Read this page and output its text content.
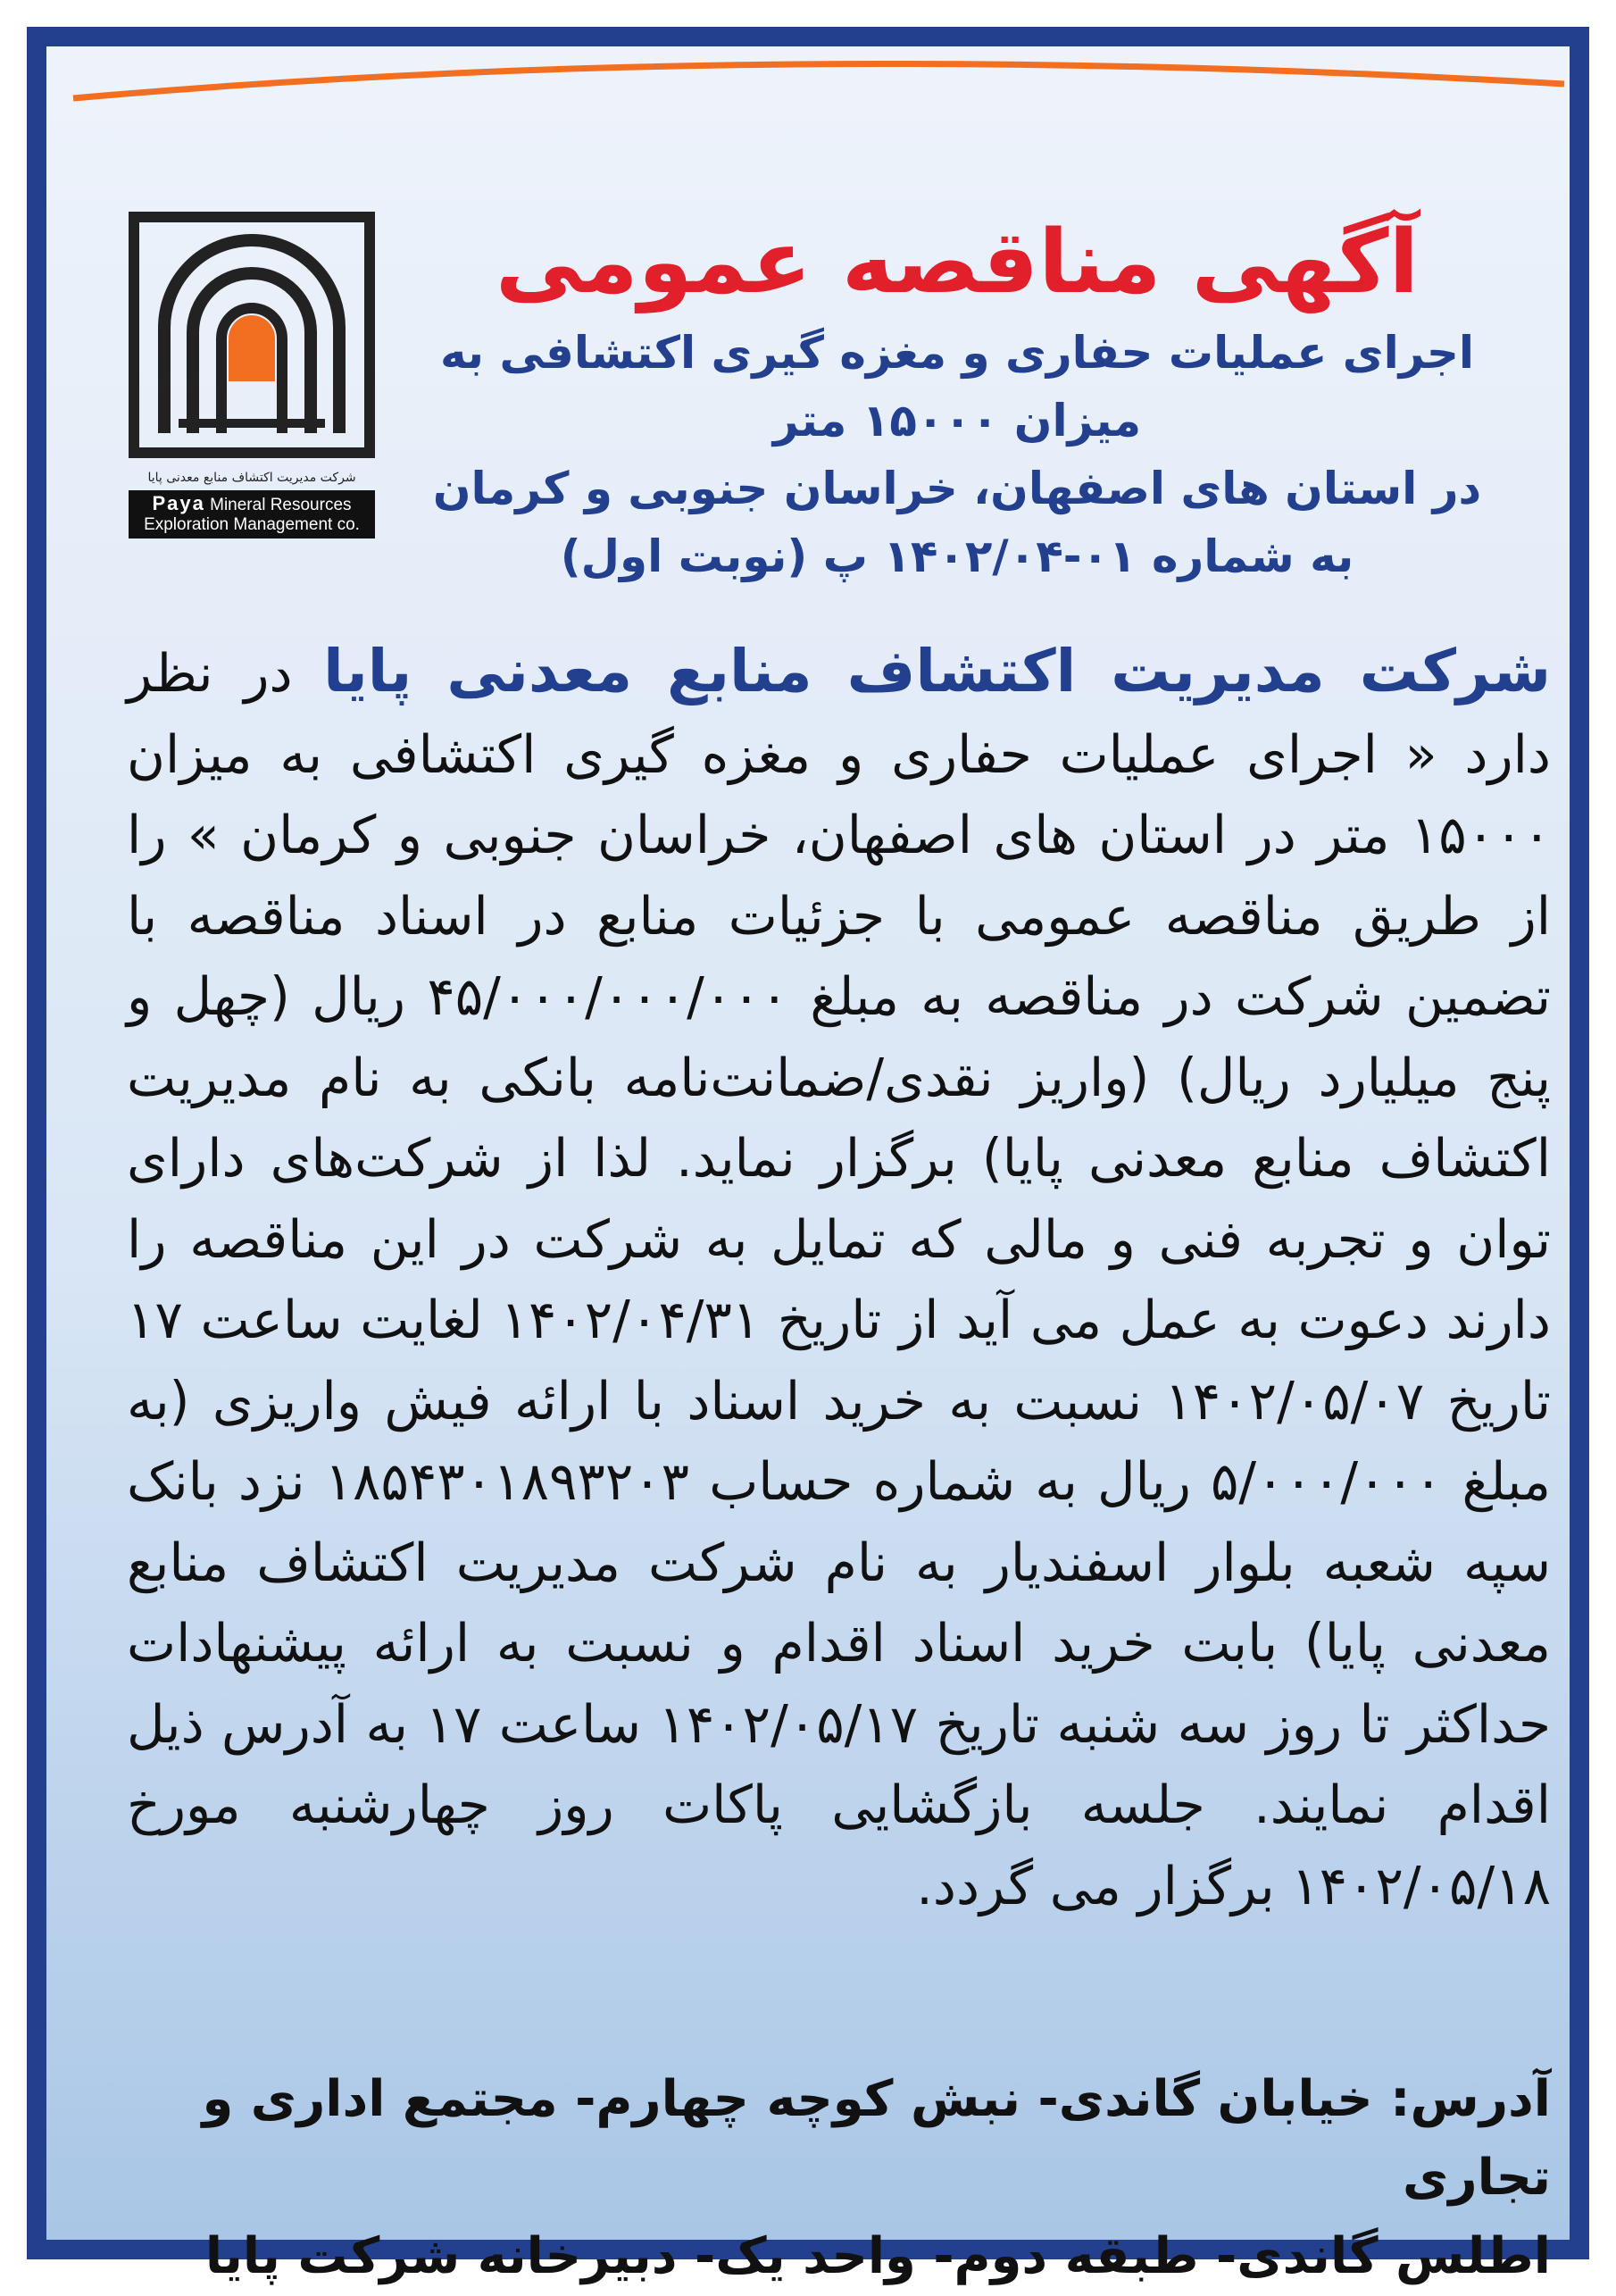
شرکت مدیریت اکتشاف منابع معدنی پایا
Paya Mineral Resources
Exploration Management co.
آگهی مناقصه عمومی
اجرای عملیات حفاری و مغزه گیری اکتشافی به میزان ۱۵۰۰۰ متر
در استان های اصفهان، خراسان جنوبی و کرمان
به شماره ۰۱-۱۴۰۲/۰۴ پ (نوبت اول)
شرکت مدیریت اکتشاف منابع معدنی پایا در نظر دارد « اجرای عملیات حفاری و مغزه گیری اکتشافی به میزان ۱۵۰۰۰ متر در استان های اصفهان، خراسان جنوبی و کرمان » را از طریق مناقصه عمومی با جزئیات منابع در اسناد مناقصه با تضمین شرکت در مناقصه به مبلغ ۴۵/۰۰۰/۰۰۰/۰۰۰ ریال (چهل و پنج میلیارد ریال) (واریز نقدی/ضمانت‌نامه بانکی به نام مدیریت اکتشاف منابع معدنی پایا) برگزار نماید. لذا از شرکت‌های دارای توان و تجربه فنی و مالی که تمایل به شرکت در این مناقصه را دارند دعوت به عمل می آید از تاریخ ۱۴۰۲/۰۴/۳۱ لغایت ساعت ۱۷ تاریخ ۱۴۰۲/۰۵/۰۷ نسبت به خرید اسناد با ارائه فیش واریزی (به مبلغ ۵/۰۰۰/۰۰۰ ریال به شماره حساب ۱۸۵۴۳۰۱۸۹۳۲۰۳ نزد بانک سپه شعبه بلوار اسفندیار به نام شرکت مدیریت اکتشاف منابع معدنی پایا) بابت خرید اسناد اقدام و نسبت به ارائه پیشنهادات حداکثر تا روز سه شنبه تاریخ ۱۴۰۲/۰۵/۱۷ ساعت ۱۷ به آدرس ذیل اقدام نمایند. جلسه بازگشایی پاکات روز چهارشنبه مورخ ۱۴۰۲/۰۵/۱۸ برگزار می گردد.
آدرس: خیابان گاندی- نبش کوچه چهارم- مجتمع اداری و تجاری
اطلس گاندی- طبقه دوم- واحد یک- دبیرخانه شرکت پایا
